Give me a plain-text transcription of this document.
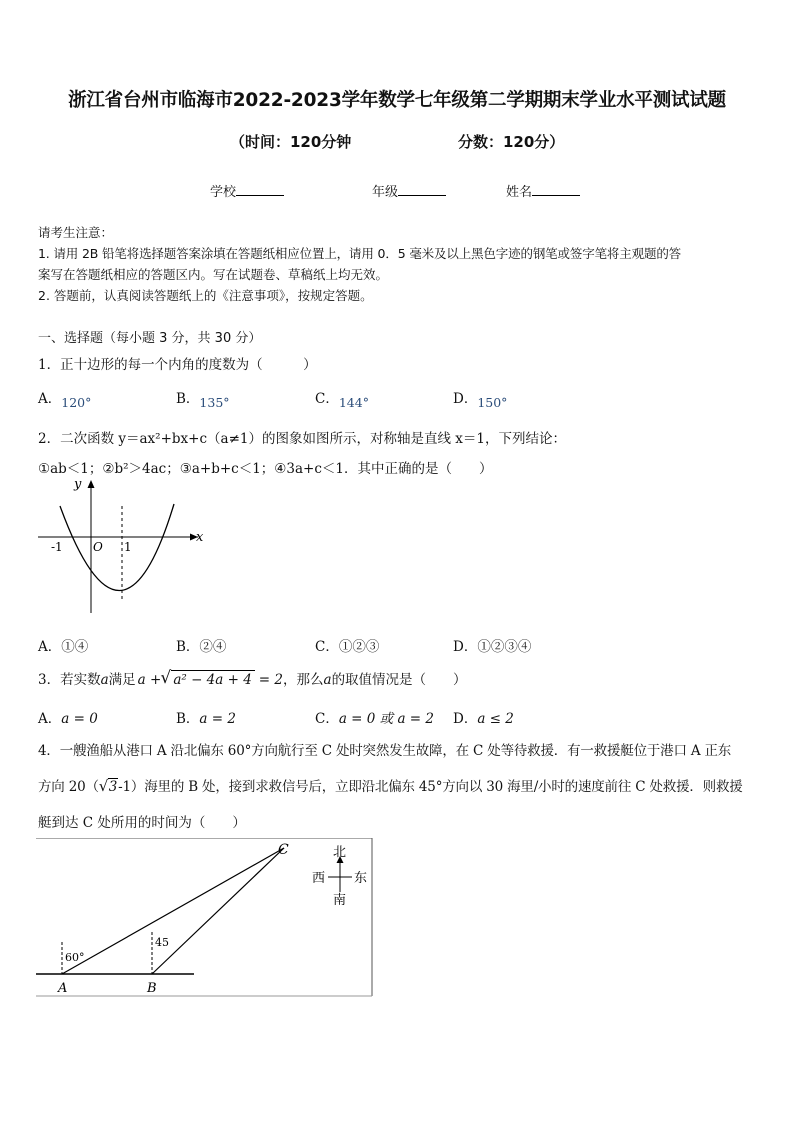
浙江省台州市临海市2022-2023学年数学七年级第二学期期末学业水平测试试题
（时间：120分钟	分数：120分）
学校	年级	姓名
请考生注意：
1. 请用 2B 铅笔将选择题答案涂填在答题纸相应位置上，请用 0．5 毫米及以上黑色字迹的钢笔或签字笔将主观题的答
案写在答题纸相应的答题区内。写在试题卷、草稿纸上均无效。
2. 答题前，认真阅读答题纸上的《注意事项》，按规定答题。
一、选择题（每小题 3 分，共 30 分）
1．正十边形的每一个内角的度数为（　　　）
A．120°	B．135°	C．144°	D．150°
2．二次函数 y＝ax²+bx+c（a≠1）的图象如图所示，对称轴是直线 x＝1，下列结论：
①ab＜1；②b²＞4ac；③a+b+c＜1；④3a+c＜1．其中正确的是（　　）
y
x
O
-1	1
A．①④	B．②④	C．①②③	D．①②③④
3．若实数a满足 a + √ a² − 4a + 4 = 2，那么a的取值情况是（　　）
A．a = 0	B．a = 2	C．a = 0 或 a = 2 D．a ≤ 2
4．一艘渔船从港口 A 沿北偏东 60°方向航行至 C 处时突然发生故障，在 C 处等待救援．有一救援艇位于港口 A 正东
方向 20（ √ 3-1）海里的 B 处，接到求救信号后，立即沿北偏东 45°方向以 30 海里/小时的速度前往 C 处救援．则救援
艇到达 C 处所用的时间为（　　）
C
A	B
60°
45
北
南
西 东
